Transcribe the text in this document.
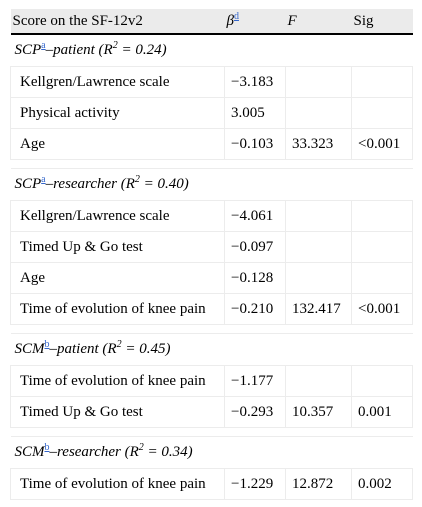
Score on the SF-12v2	β$^d$	F	Sig
SCP$^a$–patient $(R^2 = 0.24)$			
Kellgren/Lawrence scale	−3.183		
Physical activity	3.005		
Age	−0.103	33.323	<0.001

SCP$^a$–researcher $(R^2 = 0.40)$			
Kellgren/Lawrence scale	−4.061		
Timed Up & Go test	−0.097		
Age	−0.128		
Time of evolution of knee pain	−0.210	132.417	<0.001

SCM$^b$–patient $(R^2 = 0.45)$			
Time of evolution of knee pain	−1.177		
Timed Up & Go test	−0.293	10.357	0.001

SCM$^b$–researcher $(R^2 = 0.34)$			
Time of evolution of knee pain	−1.229	12.872	0.002
